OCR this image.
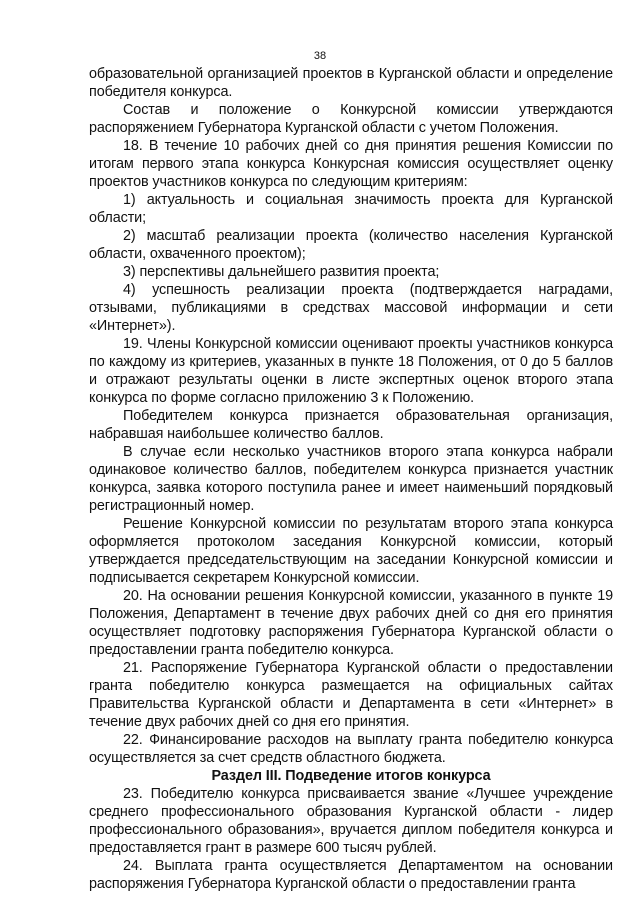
38

образовательной организацией проектов в Курганской области и определение победителя конкурса.

Состав и положение о Конкурсной комиссии утверждаются распоряжением Губернатора Курганской области с учетом Положения.

18. В течение 10 рабочих дней со дня принятия решения Комиссии по итогам первого этапа конкурса Конкурсная комиссия осуществляет оценку проектов участников конкурса по следующим критериям:

1) актуальность и социальная значимость проекта для Курганской области;

2) масштаб реализации проекта (количество населения Курганской области, охваченного проектом);

3) перспективы дальнейшего развития проекта;

4) успешность реализации проекта (подтверждается наградами, отзывами, публикациями в средствах массовой информации и сети «Интернет»).

19. Члены Конкурсной комиссии оценивают проекты участников конкурса по каждому из критериев, указанных в пункте 18 Положения, от 0 до 5 баллов и отражают результаты оценки в листе экспертных оценок второго этапа конкурса по форме согласно приложению 3 к Положению.

Победителем конкурса признается образовательная организация, набравшая наибольшее количество баллов.

В случае если несколько участников второго этапа конкурса набрали одинаковое количество баллов, победителем конкурса признается участник конкурса, заявка которого поступила ранее и имеет наименьший порядковый регистрационный номер.

Решение Конкурсной комиссии по результатам второго этапа конкурса оформляется протоколом заседания Конкурсной комиссии, который утверждается председательствующим на заседании Конкурсной комиссии и подписывается секретарем Конкурсной комиссии.

20. На основании решения Конкурсной комиссии, указанного в пункте 19 Положения, Департамент в течение двух рабочих дней со дня его принятия осуществляет подготовку распоряжения Губернатора Курганской области о предоставлении гранта победителю конкурса.

21. Распоряжение Губернатора Курганской области о предоставлении гранта победителю конкурса размещается на официальных сайтах Правительства Курганской области и Департамента в сети «Интернет» в течение двух рабочих дней со дня его принятия.

22. Финансирование расходов на выплату гранта победителю конкурса осуществляется за счет средств областного бюджета.

Раздел III. Подведение итогов конкурса

23. Победителю конкурса присваивается звание «Лучшее учреждение среднего профессионального образования Курганской области - лидер профессионального образования», вручается диплом победителя конкурса и предоставляется грант в размере 600 тысяч рублей.

24. Выплата гранта осуществляется Департаментом на основании распоряжения Губернатора Курганской области о предоставлении гранта
